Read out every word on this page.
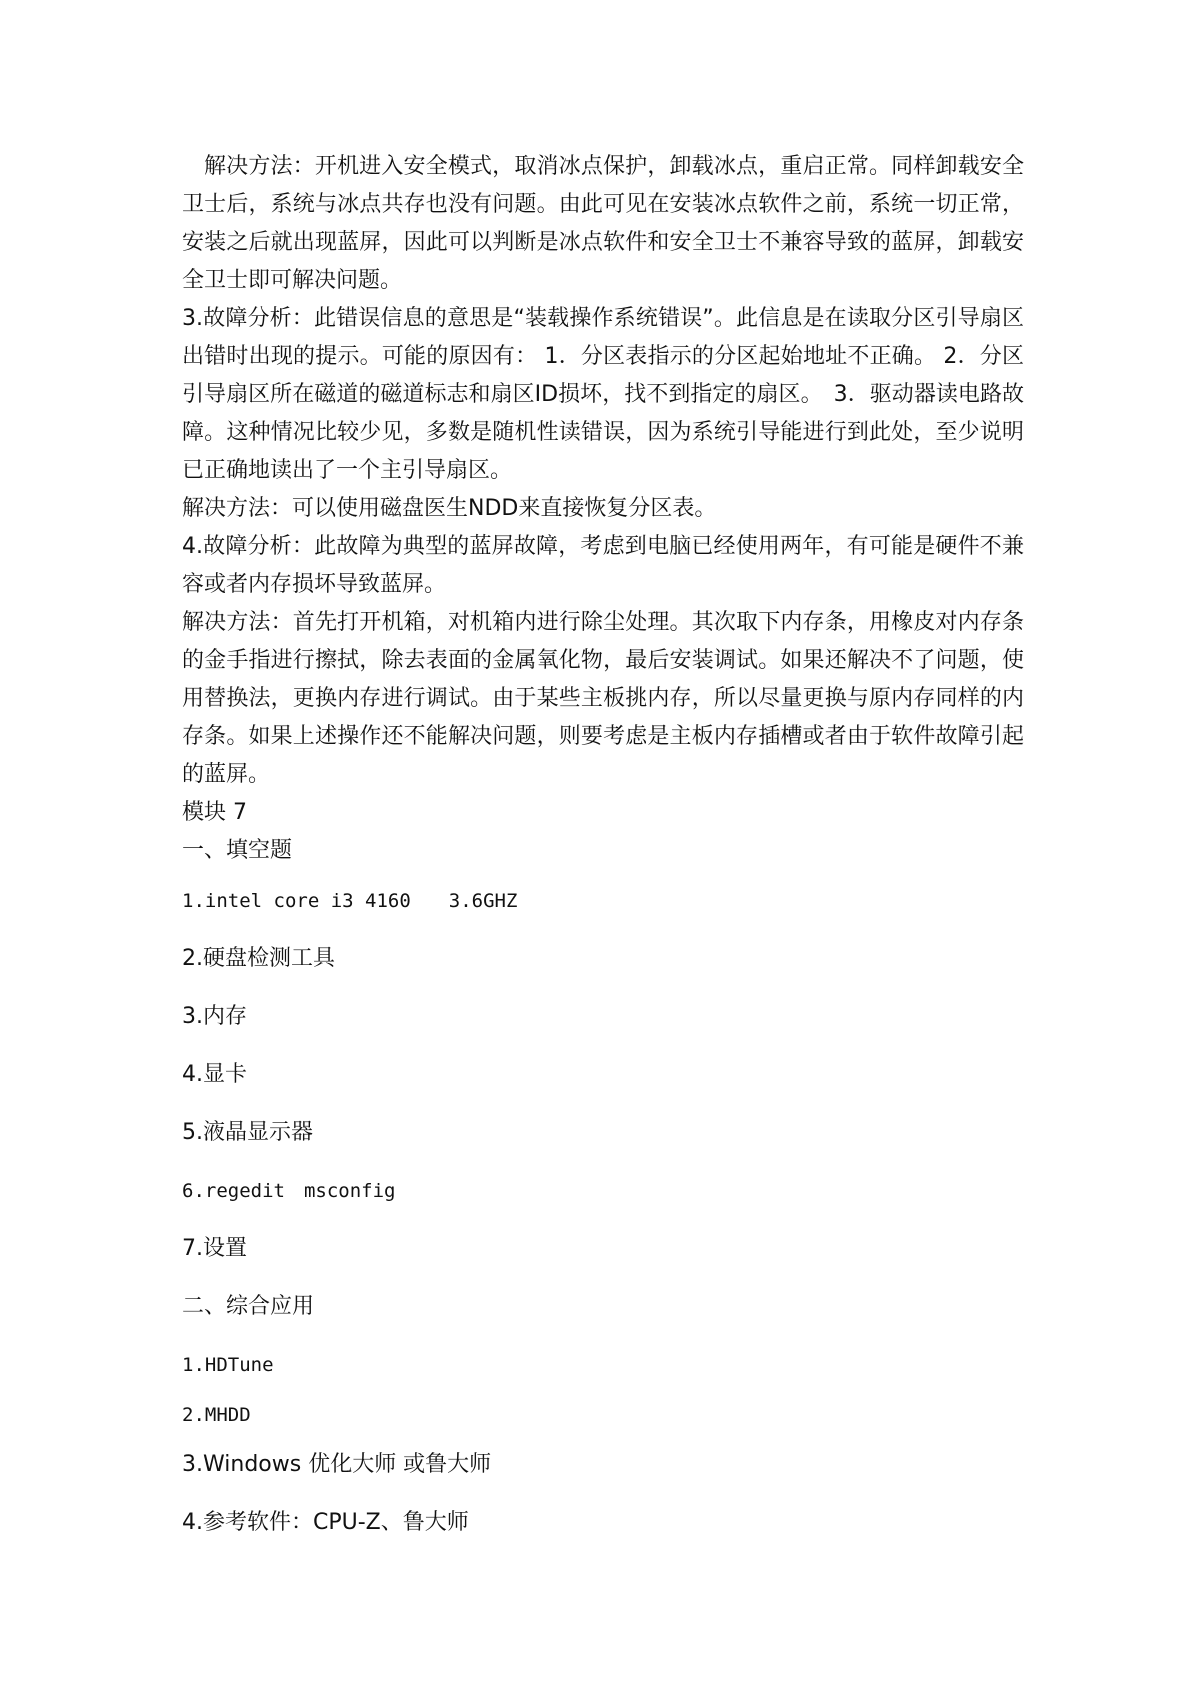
解决方法：开机进入安全模式，取消冰点保护，卸载冰点，重启正常。同样卸载安全卫士后，系统与冰点共存也没有问题。由此可见在安装冰点软件之前，系统一切正常，安装之后就出现蓝屏，因此可以判断是冰点软件和安全卫士不兼容导致的蓝屏，卸载安全卫士即可解决问题。

3.故障分析：此错误信息的意思是“装载操作系统错误”。此信息是在读取分区引导扇区出错时出现的提示。可能的原因有： 1．分区表指示的分区起始地址不正确。 2．分区引导扇区所在磁道的磁道标志和扇区ID损坏，找不到指定的扇区。　3．驱动器读电路故障。这种情况比较少见，多数是随机性读错误，因为系统引导能进行到此处，至少说明已正确地读出了一个主引导扇区。

解决方法：可以使用磁盘医生NDD来直接恢复分区表。

4.故障分析：此故障为典型的蓝屏故障，考虑到电脑已经使用两年，有可能是硬件不兼容或者内存损坏导致蓝屏。

解决方法：首先打开机箱，对机箱内进行除尘处理。其次取下内存条，用橡皮对内存条的金手指进行擦拭，除去表面的金属氧化物，最后安装调试。如果还解决不了问题，使用替换法，更换内存进行调试。由于某些主板挑内存，所以尽量更换与原内存同样的内存条。如果上述操作还不能解决问题，则要考虑是主板内存插槽或者由于软件故障引起的蓝屏。

模块 7

一、填空题

1.intel core i3 4160　　3.6GHZ

2.硬盘检测工具

3.内存

4.显卡

5.液晶显示器

6.regedit　msconfig

7.设置

二、综合应用

1.HDTune

2.MHDD

3.Windows 优化大师 或鲁大师

4.参考软件：CPU-Z、鲁大师
